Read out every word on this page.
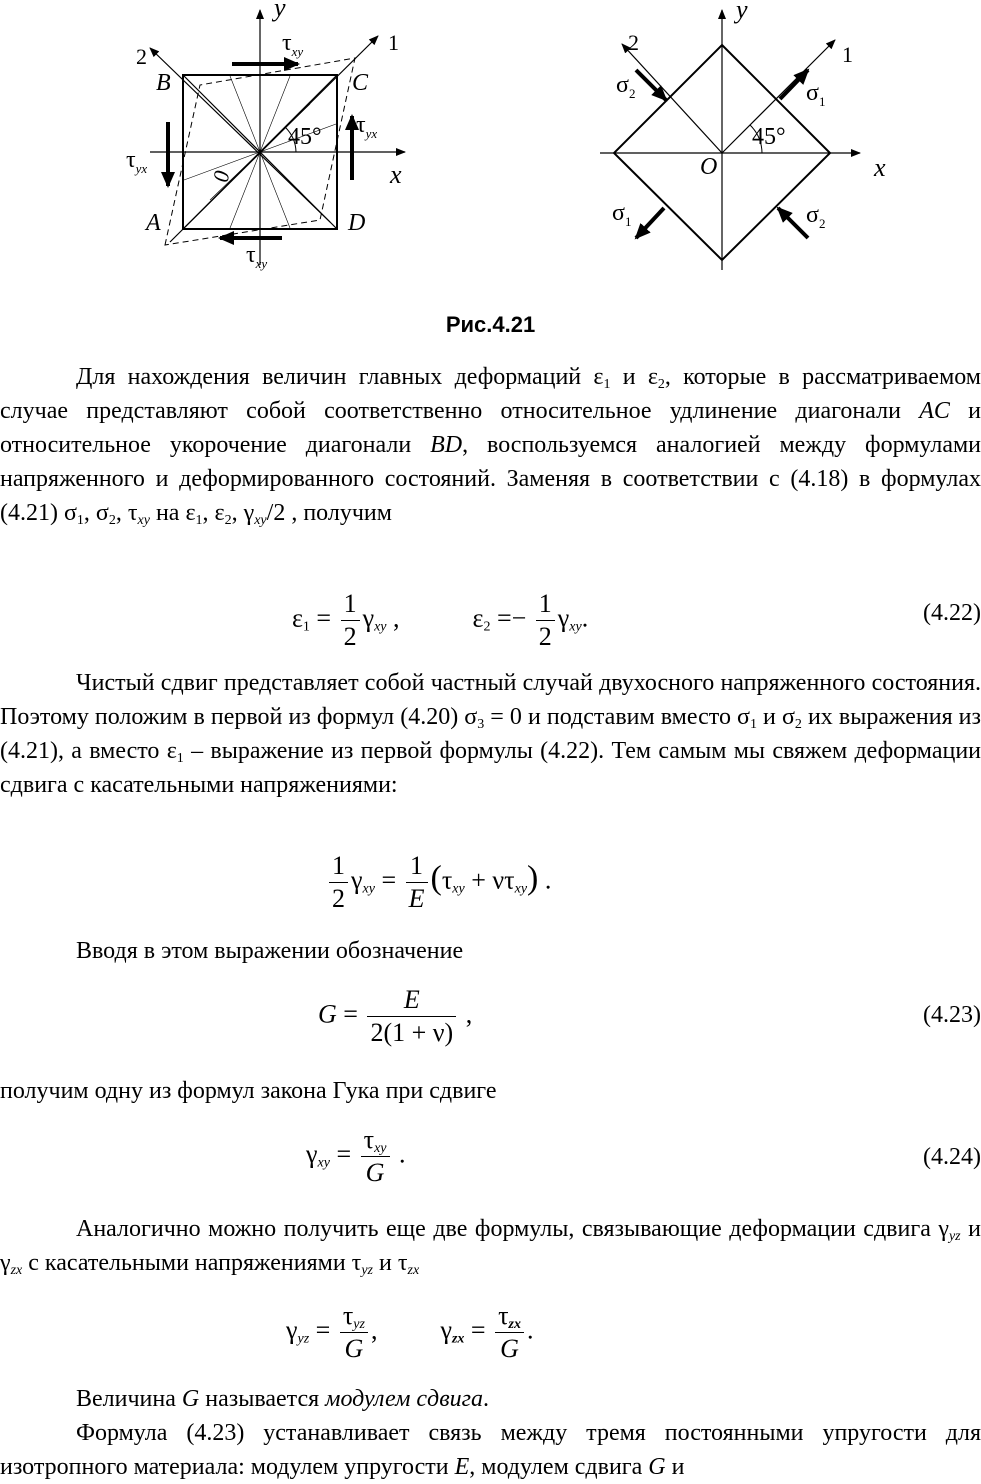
y
x
1
2
B	C
A	D
0
45°
$\tau_{xy}$
$\tau_{xy}$
$\tau_{yx}$
$\tau_{yx}$
y
x
1
2
O
45°
$\sigma_1$
$\sigma_1$
$\sigma_2$
$\sigma_2$
Рис.4.21

Для нахождения величин главных деформаций $\varepsilon_1$ и $\varepsilon_2$, которые в рассматриваемом случае представляют собой соответственно относительное удлинение диагонали AC и относительное укорочение диагонали BD, воспользуемся аналогией между формулами напряженного и деформированного состояний. Заменяя в соответствии с (4.18) в формулах (4.21) $\sigma_1$, $\sigma_2$, $\tau_{xy}$ на $\varepsilon_1$, $\varepsilon_2$, $\gamma_{xy}/2$ , получим

$\varepsilon_1 = \frac{1}{2} \gamma_{xy}$ ,	$\varepsilon_2 =- \frac{1}{2} \gamma_{xy}$.	(4.22)

Чистый сдвиг представляет собой частный случай двухосного напряженного состояния. Поэтому положим в первой из формул (4.20) $\sigma_3 = 0$ и подставим вместо $\sigma_1$ и $\sigma_2$ их выражения из (4.21), а вместо $\varepsilon_1$ – выражение из первой формулы (4.22). Тем самым мы свяжем деформации сдвига с касательными напряжениями:

$\frac{1}{2} \gamma_{xy} = \frac{1}{E} (\tau_{xy} + \nu\tau_{xy})$ .

Вводя в этом выражении обозначение

$G = \frac{E}{2(1 + \nu)}$ ,	(4.23)

получим одну из формул закона Гука при сдвиге

$\gamma_{xy} = \frac{\tau_{xy}}{G}$ .	(4.24)

Аналогично можно получить еще две формулы, связывающие деформации сдвига $\gamma_{yz}$ и $\gamma_{zx}$ с касательными напряжениями $\tau_{yz}$ и $\tau_{zx}$

$\gamma_{yz} = \frac{\tau_{yz}}{G}$ , $\gamma_{zx} = \frac{\tau_{zx}}{G}$ .

Величина G называется модулем сдвига.

Формула (4.23) устанавливает связь между тремя постоянными упругости для изотропного материала: модулем упругости E, модулем сдвига G и
